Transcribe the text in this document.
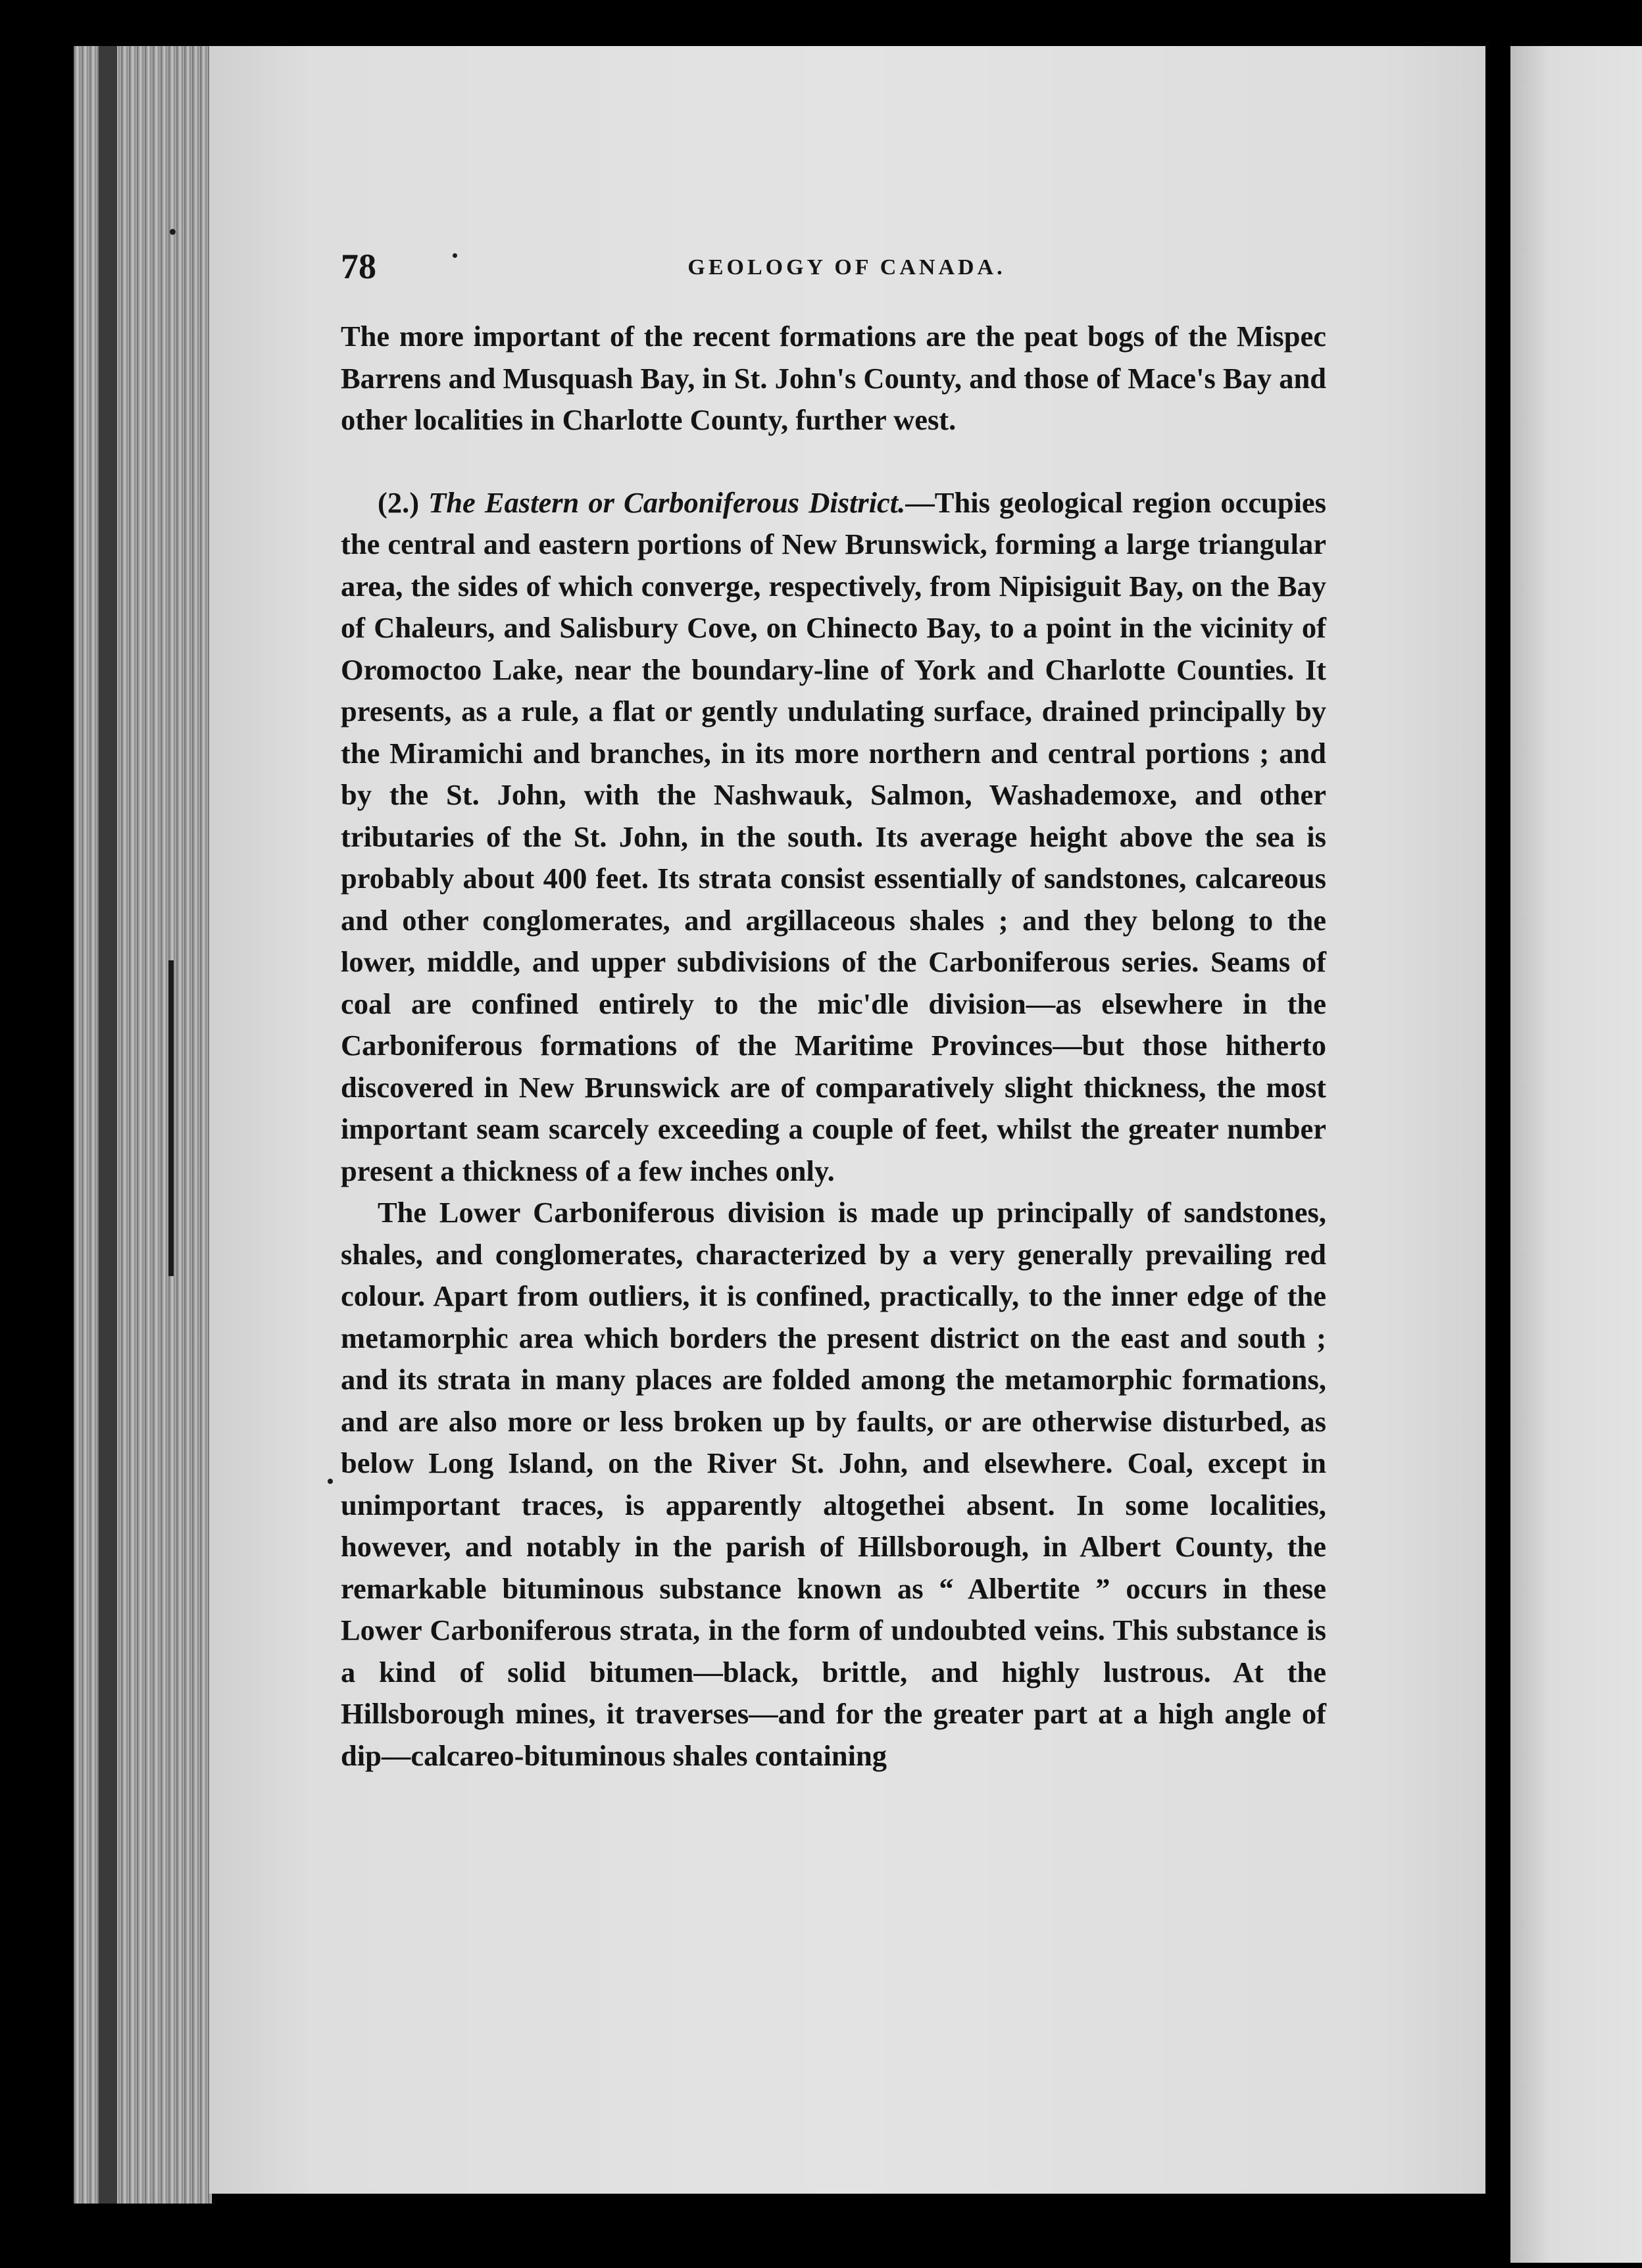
78	GEOLOGY OF CANADA.

The more important of the recent formations are the peat bogs of the Mispec Barrens and Musquash Bay, in St. John's County, and those of Mace's Bay and other localities in Charlotte County, further west.

(2.) The Eastern or Carboniferous District.—This geological region occupies the central and eastern portions of New Brunswick, forming a large triangular area, the sides of which converge, respectively, from Nipisiguit Bay, on the Bay of Chaleurs, and Salisbury Cove, on Chinecto Bay, to a point in the vicinity of Oromoctoo Lake, near the boundary-line of York and Charlotte Counties. It presents, as a rule, a flat or gently undulating surface, drained principally by the Miramichi and branches, in its more northern and central portions ; and by the St. John, with the Nashwauk, Salmon, Washademoxe, and other tributaries of the St. John, in the south. Its average height above the sea is probably about 400 feet. Its strata consist essentially of sandstones, calcareous and other conglomerates, and argillaceous shales ; and they belong to the lower, middle, and upper subdivisions of the Carboniferous series. Seams of coal are confined entirely to the mic'dle division—as elsewhere in the Carboniferous formations of the Maritime Provinces—but those hitherto discovered in New Brunswick are of comparatively slight thickness, the most important seam scarcely exceeding a couple of feet, whilst the greater number present a thickness of a few inches only.

The Lower Carboniferous division is made up principally of sandstones, shales, and conglomerates, characterized by a very generally prevailing red colour. Apart from outliers, it is confined, practically, to the inner edge of the metamorphic area which borders the present district on the east and south ; and its strata in many places are folded among the metamorphic formations, and are also more or less broken up by faults, or are otherwise disturbed, as below Long Island, on the River St. John, and elsewhere. Coal, except in unimportant traces, is apparently altogethei absent. In some localities, however, and notably in the parish of Hillsborough, in Albert County, the remarkable bituminous substance known as “ Albertite ” occurs in these Lower Carboniferous strata, in the form of undoubted veins. This substance is a kind of solid bitumen—black, brittle, and highly lustrous. At the Hillsborough mines, it traverses—and for the greater part at a high angle of dip—calcareo-bituminous shales containing
